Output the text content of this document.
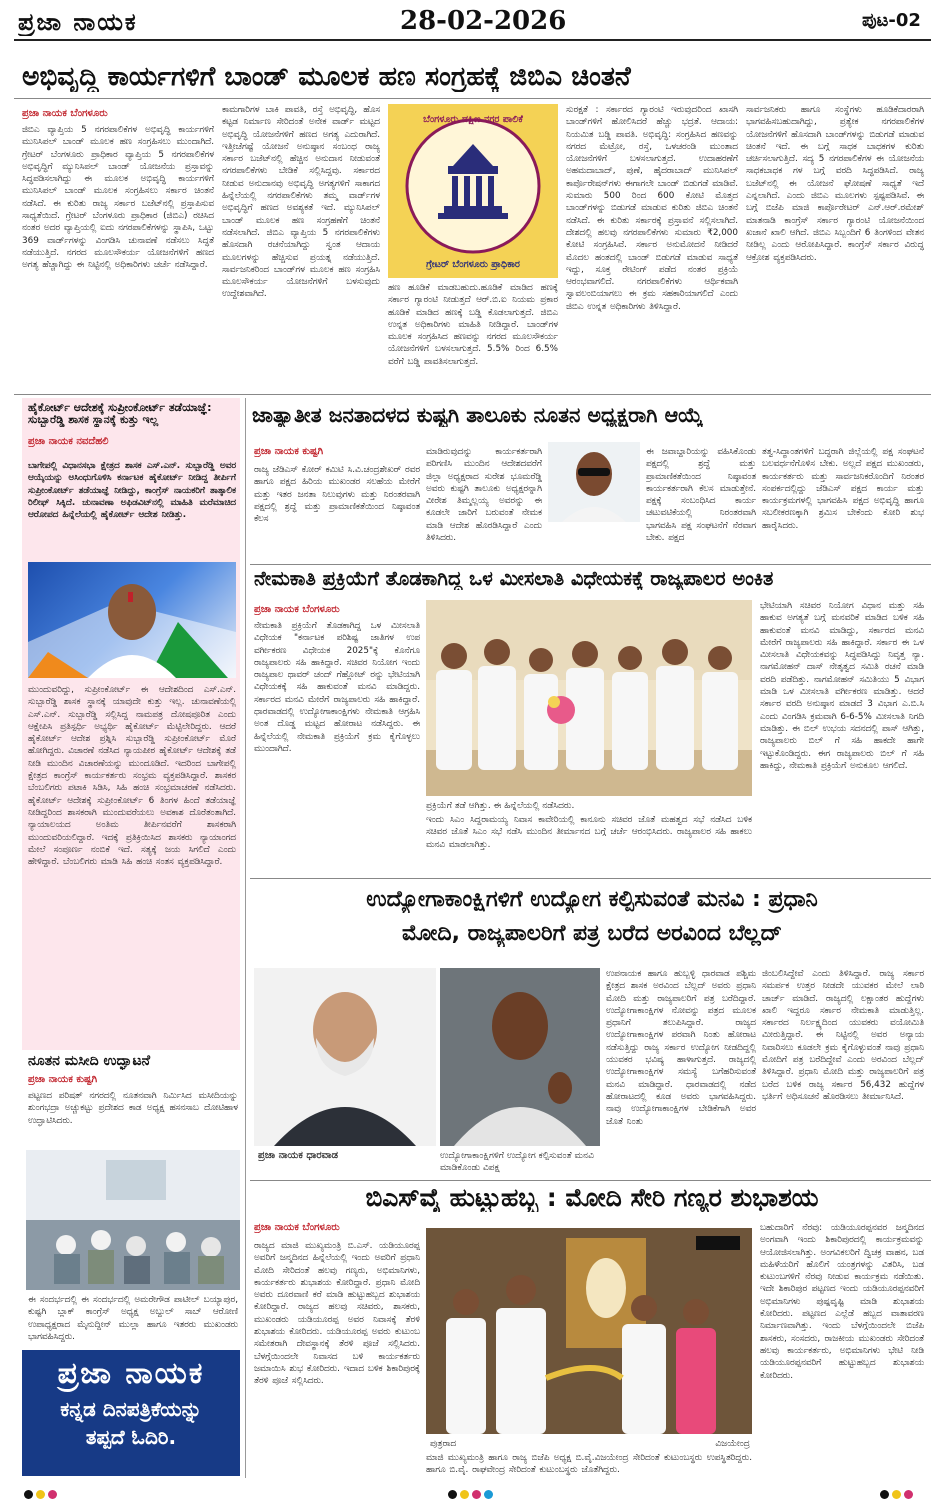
ಪ್ರಜಾ ನಾಯಕ	28-02-2026	ಪುಟ-02
ಅಭಿವೃದ್ಧಿ ಕಾರ್ಯಗಳಿಗೆ ಬಾಂಡ್ ಮೂಲಕ ಹಣ ಸಂಗ್ರಹಕ್ಕೆ ಜಿಬಿಎ ಚಿಂತನೆ
ಪ್ರಜಾ ನಾಯಕ ಬೆಂಗಳೂರು
ಜಿಬಿಎ ವ್ಯಾಪ್ತಿಯ 5 ನಗರಪಾಲಿಕೆಗಳ ಅಭಿವೃದ್ಧಿ ಕಾರ್ಯಗಳಿಗೆ ಮುನಿಸಿಪಲ್ ಬಾಂಡ್ ಮೂಲಕ ಹಣ ಸಂಗ್ರಹಿಸಲು ಮುಂದಾಗಿದೆ. ಗ್ರೇಟರ್ ಬೆಂಗಳೂರು ಪ್ರಾಧಿಕಾರ ವ್ಯಾಪ್ತಿಯ 5 ನಗರಪಾಲಿಕೆಗಳ ಅಭಿವೃದ್ಧಿಗೆ ಮ್ಯುನಿಸಿಪಲ್ ಬಾಂಡ್ ಯೋಜನೆಯ ಪ್ರಸ್ತಾವನ್ನು ಸಿದ್ಧಪಡಿಸಲಾಗಿದ್ದು ಈ ಮೂಲಕ ಅಭಿವೃದ್ಧಿ ಕಾರ್ಯಗಳಿಗೆ ಮುನಿಸಿಪಲ್ ಬಾಂಡ್ ಮೂಲಕ ಸಂಗ್ರಹಿಸಲು ಸರ್ಕಾರ ಚಿಂತನೆ ನಡೆಸಿದೆ. ಈ ಕುರಿತು ರಾಜ್ಯ ಸರ್ಕಾರ ಬಜೆಟ್‌ನಲ್ಲಿ ಪ್ರಸ್ತಾಪಿಸುವ ಸಾಧ್ಯತೆಯಿದೆ. ಗ್ರೇಟರ್ ಬೆಂಗಳೂರು ಪ್ರಾಧಿಕಾರ (ಜಿಬಿಎ) ರಚಿಸಿದ ನಂತರ ಅದರ ವ್ಯಾಪ್ತಿಯಲ್ಲಿ ಐದು ನಗರಪಾಲಿಕೆಗಳನ್ನು ಸ್ಥಾಪಿಸಿ, ಒಟ್ಟು 369 ವಾರ್ಡ್‌ಗಳನ್ನು ವಿಂಗಡಿಸಿ ಚುನಾವಣೆ ನಡೆಸಲು ಸಿದ್ಧತೆ ನಡೆಯುತ್ತಿದೆ. ನಗರದ ಮೂಲಸೌಕರ್ಯ ಯೋಜನೆಗಳಿಗೆ ಹಣದ ಅಗತ್ಯ ಹೆಚ್ಚಾಗಿದ್ದು ಈ ನಿಟ್ಟಿನಲ್ಲಿ ಅಧಿಕಾರಿಗಳು ಚರ್ಚೆ ನಡೆಸಿದ್ದಾರೆ.
ಕಾಮಗಾರಿಗಳ ಬಾಕಿ ಪಾವತಿ, ರಸ್ತೆ ಅಭಿವೃದ್ಧಿ, ಹೊಸ ಕಟ್ಟಡ ನಿರ್ಮಾಣ ಸೇರಿದಂತೆ ಅನೇಕ ವಾರ್ಡ್ ಮಟ್ಟದ ಅಭಿವೃದ್ಧಿ ಯೋಜನೆಗಳಿಗೆ ಹಣದ ಅಗತ್ಯ ಎದುರಾಗಿದೆ. ಇತ್ತೀಚೆಗಷ್ಟೆ ಯೋಜನೆ ಅನುಷ್ಠಾನ ಸಂಬಂಧ ರಾಜ್ಯ ಸರ್ಕಾರ ಬಜೆಟ್‌ನಲ್ಲಿ ಹೆಚ್ಚಿನ ಅನುದಾನ ನೀಡುವಂತೆ ನಗರಪಾಲಿಕೆಗಳು ಬೇಡಿಕೆ ಸಲ್ಲಿಸಿದ್ದವು. ಸರ್ಕಾರದ ನೀಡುವ ಅನುದಾನವು ಅಭಿವೃದ್ಧಿ ಅಗತ್ಯಗಳಿಗೆ ಸಾಕಾಗದ ಹಿನ್ನೆಲೆಯಲ್ಲಿ ನಗರಪಾಲಿಕೆಗಳು ತಮ್ಮ ವಾರ್ಡ್‌ಗಳ ಅಭಿವೃದ್ಧಿಗೆ ಹಣದ ಅವಶ್ಯಕತೆ ಇದೆ. ಮ್ಯುನಿಸಿಪಲ್ ಬಾಂಡ್ ಮೂಲಕ ಹಣ ಸಂಗ್ರಹಣೆಗೆ ಚಿಂತನೆ ನಡೆಸಲಾಗಿದೆ. ಜಿಬಿಎ ವ್ಯಾಪ್ತಿಯ 5 ನಗರಪಾಲಿಕೆಗಳು ಹೊಸದಾಗಿ ರಚನೆಯಾಗಿದ್ದು ಸ್ವಂತ ಆದಾಯ ಮೂಲಗಳನ್ನು ಹೆಚ್ಚಿಸುವ ಪ್ರಯತ್ನ ನಡೆಯುತ್ತಿದೆ. ಸಾರ್ವಜನಿಕರಿಂದ ಬಾಂಡ್‌ಗಳ ಮೂಲಕ ಹಣ ಸಂಗ್ರಹಿಸಿ ಮೂಲಸೌಕರ್ಯ ಯೋಜನೆಗಳಿಗೆ ಬಳಸುವುದು ಉದ್ದೇಶವಾಗಿದೆ.
ಬೆಂಗಳೂರು ದಕ್ಷಿಣ ನಗರ ಪಾಲಿಕೆ
ಗ್ರೇಟರ್ ಬೆಂಗಳೂರು ಪ್ರಾಧಿಕಾರ
ಹಣ ಹೂಡಿಕೆ ಮಾಡಬಹುದು.ಹೂಡಿಕೆ ಮಾಡಿದ ಹಣಕ್ಕೆ ಸರ್ಕಾರ ಗ್ಯಾರಂಟಿ ನೀಡುತ್ತದೆ ಆರ್.ಬಿ.ಐ ನಿಯಮ ಪ್ರಕಾರ ಹೂಡಿಕೆ ಮಾಡಿದ ಹಣಕ್ಕೆ ಬಡ್ಡಿ ಕೊಡಲಾಗುತ್ತದೆ. ಜಿಬಿಎ ಉನ್ನತ ಅಧಿಕಾರಿಗಳು ಮಾಹಿತಿ ನೀಡಿದ್ದಾರೆ. ಬಾಂಡ್‌ಗಳ ಮೂಲಕ ಸಂಗ್ರಹಿಸಿದ ಹಣವನ್ನು ನಗರದ ಮೂಲಸೌಕರ್ಯ ಯೋಜನೆಗಳಿಗೆ ಬಳಸಲಾಗುತ್ತದೆ. 5.5% ರಿಂದ 6.5% ವರೆಗೆ ಬಡ್ಡಿ ಪಾವತಿಸಲಾಗುತ್ತದೆ.
ಸುರಕ್ಷತೆ : ಸರ್ಕಾರದ ಗ್ಯಾರಂಟಿ ಇರುವುದರಿಂದ ಖಾಸಗಿ ಬಾಂಡ್‌ಗಳಿಗೆ ಹೋಲಿಸಿದರೆ ಹೆಚ್ಚು ಭದ್ರತೆ. ಆದಾಯ: ನಿಯಮಿತ ಬಡ್ಡಿ ಪಾವತಿ. ಅಭಿವೃದ್ಧಿ: ಸಂಗ್ರಹಿಸಿದ ಹಣವನ್ನು ನಗರದ ಮೆಟ್ರೋ, ರಸ್ತೆ, ಒಳಚರಂಡಿ ಮುಂತಾದ ಯೋಜನೆಗಳಿಗೆ ಬಳಸಲಾಗುತ್ತದೆ. ಉದಾಹರಣೆಗೆ ಅಹಮದಾಬಾದ್, ಪುಣೆ, ಹೈದರಾಬಾದ್ ಮುನಿಸಿಪಲ್ ಕಾರ್ಪೊರೇಷನ್‌ಗಳು ಈಗಾಗಲೇ ಬಾಂಡ್ ಬಿಡುಗಡೆ ಮಾಡಿವೆ. ಸುಮಾರು 500 ರಿಂದ 600 ಕೋಟಿ ಮೊತ್ತದ ಬಾಂಡ್‌ಗಳನ್ನು ಬಿಡುಗಡೆ ಮಾಡುವ ಕುರಿತು ಜಿಬಿಎ ಚಿಂತನೆ ನಡೆಸಿದೆ. ಈ ಕುರಿತು ಸರ್ಕಾರಕ್ಕೆ ಪ್ರಸ್ತಾವನೆ ಸಲ್ಲಿಸಲಾಗಿದೆ. ದೇಶದಲ್ಲಿ ಹಲವು ನಗರಪಾಲಿಕೆಗಳು ಸುಮಾರು ₹2,000 ಕೋಟಿ ಸಂಗ್ರಹಿಸಿವೆ. ಸರ್ಕಾರ ಅನುಮೋದನೆ ನೀಡಿದರೆ ಮೊದಲ ಹಂತದಲ್ಲಿ ಬಾಂಡ್ ಬಿಡುಗಡೆ ಮಾಡುವ ಸಾಧ್ಯತೆ ಇದ್ದು, ಸೂಕ್ತ ರೇಟಿಂಗ್ ಪಡೆದ ನಂತರ ಪ್ರಕ್ರಿಯೆ ಆರಂಭವಾಗಲಿದೆ. ನಗರಪಾಲಿಕೆಗಳು ಆರ್ಥಿಕವಾಗಿ ಸ್ವಾವಲಂಬಿಯಾಗಲು ಈ ಕ್ರಮ ಸಹಕಾರಿಯಾಗಲಿದೆ ಎಂದು ಜಿಬಿಎ ಉನ್ನತ ಅಧಿಕಾರಿಗಳು ತಿಳಿಸಿದ್ದಾರೆ.
ಸಾರ್ವಜನಿಕರು ಹಾಗೂ ಸಂಸ್ಥೆಗಳು ಹೂಡಿಕೆದಾರರಾಗಿ ಭಾಗವಹಿಸಬಹುದಾಗಿದ್ದು, ಪ್ರತ್ಯೇಕ ನಗರಪಾಲಿಕೆಗಳ ಯೋಜನೆಗಳಿಗೆ ಹೊಸದಾಗಿ ಬಾಂಡ್‌ಗಳನ್ನು ಬಿಡುಗಡೆ ಮಾಡುವ ಚಿಂತನೆ ಇದೆ. ಈ ಬಗ್ಗೆ ಸಾಧಕ ಬಾಧಕಗಳ ಕುರಿತು ಚರ್ಚಿಸಲಾಗುತ್ತಿದೆ. ಸದ್ಯ 5 ನಗರಪಾಲಿಕೆಗಳ ಈ ಯೋಜನೆಯ ಸಾಧಕಬಾಧಕ ಗಳ ಬಗ್ಗೆ ವರದಿ ಸಿದ್ಧಪಡಿಸಿದೆ. ರಾಜ್ಯ ಬಜೆಟ್‌ನಲ್ಲಿ ಈ ಯೋಜನೆ ಘೋಷಣೆ ಸಾಧ್ಯತೆ ಇದೆ ಎನ್ನಲಾಗಿದೆ. ಎಂದು ಜಿಬಿಎ ಮೂಲಗಳು ಸ್ಪಷ್ಟಪಡಿಸಿವೆ. ಈ ಬಗ್ಗೆ ಬಿಜೆಪಿ ಮಾಜಿ ಕಾರ್ಪೊರೇಟರ್ ಎನ್.ಆರ್.ರಮೇಶ್ ಮಾತನಾಡಿ ಕಾಂಗ್ರೆಸ್ ಸರ್ಕಾರ ಗ್ಯಾರಂಟಿ ಯೋಜನೆಯಿಂದ ಖಜಾನೆ ಖಾಲಿ ಆಗಿದೆ. ಜಿಬಿಎ ಸಿಬ್ಬಂದಿಗೆ 6 ತಿಂಗಳಿಂದ ವೇತನ ನೀಡಿಲ್ಲ ಎಂದು ಆರೋಪಿಸಿದ್ದಾರೆ. ಕಾಂಗ್ರೆಸ್ ಸರ್ಕಾರ ವಿರುದ್ಧ ಆಕ್ರೋಶ ವ್ಯಕ್ತಪಡಿಸಿದರು.
ಹೈಕೋರ್ಟ್ ಆದೇಶಕ್ಕೆ ಸುಪ್ರೀಂಕೋರ್ಟ್ ತಡೆಯಾಜ್ಞೆ: ಸುಬ್ಬಾರೆಡ್ಡಿ ಶಾಸಕ ಸ್ಥಾನಕ್ಕೆ ಕುತ್ತು ಇಲ್ಲ
ಪ್ರಜಾ ನಾಯಕ ನವದೆಹಲಿ
ಬಾಗೇಪಲ್ಲಿ ವಿಧಾನಸಭಾ ಕ್ಷೇತ್ರದ ಶಾಸಕ ಎಸ್.ಎನ್. ಸುಬ್ಬಾರೆಡ್ಡಿ ಅವರ ಆಯ್ಕೆಯನ್ನು ಅಸಿಂಧುಗೊಳಿಸಿ ಕರ್ನಾಟಕ ಹೈಕೋರ್ಟ್ ನೀಡಿದ್ದ ತೀರ್ಪಿಗೆ ಸುಪ್ರೀಂಕೋರ್ಟ್ ತಡೆಯಾಜ್ಞೆ ನೀಡಿದ್ದು, ಕಾಂಗ್ರೆಸ್ ನಾಯಕರಿಗೆ ತಾತ್ಕಾಲಿಕ ರಿಲೀಫ್ ಸಿಕ್ಕಿದೆ. ಚುನಾವಣಾ ಅಫಿಡವಿಟ್‌ನಲ್ಲಿ ಮಾಹಿತಿ ಮರೆಮಾಚಿದ ಆರೋಪದ ಹಿನ್ನೆಲೆಯಲ್ಲಿ ಹೈಕೋರ್ಟ್ ಆದೇಶ ನೀಡಿತ್ತು.
ಮುಂದುವರಿದ್ದು, ಸುಪ್ರೀಂಕೋರ್ಟ್ ಈ ಆದೇಶದಿಂದ ಎಸ್.ಎನ್. ಸುಬ್ಬಾರೆಡ್ಡಿ ಶಾಸಕ ಸ್ಥಾನಕ್ಕೆ ಯಾವುದೇ ಕುತ್ತು ಇಲ್ಲ. ಚುನಾವಣೆಯಲ್ಲಿ ಎಸ್.ಎನ್. ಸುಬ್ಬಾರೆಡ್ಡಿ ಸಲ್ಲಿಸಿದ್ದ ನಾಮಪತ್ರ ದೋಷಪೂರಿತ ಎಂದು ಆಕ್ಷೇಪಿಸಿ ಪ್ರತಿಸ್ಪರ್ಧಿ ಅಭ್ಯರ್ಥಿ ಹೈಕೋರ್ಟ್ ಮೆಟ್ಟಿಲೇರಿದ್ದರು. ಆದರೆ ಹೈಕೋರ್ಟ್ ಆದೇಶ ಪ್ರಶ್ನಿಸಿ ಸುಬ್ಬಾರೆಡ್ಡಿ ಸುಪ್ರೀಂಕೋರ್ಟ್ ಮೊರೆ ಹೋಗಿದ್ದರು. ವಿಚಾರಣೆ ನಡೆಸಿದ ನ್ಯಾಯಪೀಠ ಹೈಕೋರ್ಟ್ ಆದೇಶಕ್ಕೆ ತಡೆ ನೀಡಿ ಮುಂದಿನ ವಿಚಾರಣೆಯನ್ನು ಮುಂದೂಡಿದೆ. ಇದರಿಂದ ಬಾಗೇಪಲ್ಲಿ ಕ್ಷೇತ್ರದ ಕಾಂಗ್ರೆಸ್ ಕಾರ್ಯಕರ್ತರು ಸಂಭ್ರಮ ವ್ಯಕ್ತಪಡಿಸಿದ್ದಾರೆ. ಶಾಸಕರ ಬೆಂಬಲಿಗರು ಪಟಾಕಿ ಸಿಡಿಸಿ, ಸಿಹಿ ಹಂಚಿ ಸಂಭ್ರಮಾಚರಣೆ ನಡೆಸಿದರು. ಹೈಕೋರ್ಟ್ ಆದೇಶಕ್ಕೆ ಸುಪ್ರೀಂಕೋರ್ಟ್ 6 ತಿಂಗಳ ಹಿಂದೆ ತಡೆಯಾಜ್ಞೆ ನೀಡಿದ್ದರಿಂದ ಶಾಸಕರಾಗಿ ಮುಂದುವರೆಯಲು ಅವಕಾಶ ದೊರೆತಂತಾಗಿದೆ. ನ್ಯಾಯಾಲಯದ ಅಂತಿಮ ತೀರ್ಪಿನವರೆಗೆ ಶಾಸಕರಾಗಿ ಮುಂದುವರಿಯಲಿದ್ದಾರೆ. ಇದಕ್ಕೆ ಪ್ರತಿಕ್ರಿಯಿಸಿದ ಶಾಸಕರು ನ್ಯಾಯಾಂಗದ ಮೇಲೆ ಸಂಪೂರ್ಣ ನಂಬಿಕೆ ಇದೆ. ಸತ್ಯಕ್ಕೆ ಜಯ ಸಿಗಲಿದೆ ಎಂದು ಹೇಳಿದ್ದಾರೆ. ಬೆಂಬಲಿಗರು ಮಾಡಿ ಸಿಹಿ ಹಂಚಿ ಸಂತಸ ವ್ಯಕ್ತಪಡಿಸಿದ್ದಾರೆ.
ನೂತನ ಮಸೀದಿ ಉದ್ಘಾಟನೆ
ಪ್ರಜಾ ನಾಯಕ ಕುಷ್ಟಗಿ
ಪಟ್ಟಣದ ಪರಿಷತ್ ನಗರದಲ್ಲಿ ನೂತನವಾಗಿ ನಿರ್ಮಿಸಿದ ಮಸೀದಿಯನ್ನು ಶುಂಗಭದ್ರಾ ಅಚ್ಚುಕಟ್ಟು ಪ್ರದೇಶದ ಕಾಡ ಅಧ್ಯಕ್ಷ ಹಸನಸಾಬ ದೋಟಿಹಾಳ ಉದ್ಘಾಟಿಸಿದರು.
ಈ ಸಂದರ್ಭದಲ್ಲಿ ಈ ಸಂದರ್ಭದಲ್ಲಿ ಅಮರೇಗೌಡ ಪಾಟೀಲ್ ಬಯ್ಯಾಪುರ, ಕುಷ್ಟಗಿ ಬ್ಲಾಕ್ ಕಾಂಗ್ರೆಸ್ ಅಧ್ಯಕ್ಷ ಅಬ್ದುಲ್ ಸಾಬ್ ಆರೋಣಿ ಉಪಾಧ್ಯಕ್ಷರಾದ ಮೈನುದ್ದೀನ್ ಮುಲ್ಲಾ ಹಾಗೂ ಇತರರು ಮುಖಂಡರು ಭಾಗವಹಿಸಿದ್ದರು.
ಪ್ರಜಾ ನಾಯಕ
ಕನ್ನಡ ದಿನಪತ್ರಿಕೆಯನ್ನು
ತಪ್ಪದೆ ಓದಿರಿ.
ಜಾತ್ಯಾತೀತ ಜನತಾದಳದ ಕುಷ್ಟಗಿ ತಾಲೂಕು ನೂತನ ಅಧ್ಯಕ್ಷರಾಗಿ ಆಯ್ಕೆ
ಪ್ರಜಾ ನಾಯಕ ಕುಷ್ಟಗಿ
ರಾಜ್ಯ ಜೆಡಿಎಸ್ ಕೋರ್ ಕಮಿಟಿ ಸಿ.ವಿ.ಚಂದ್ರಶೇಖರ್ ರವರ ಹಾಗೂ ಪಕ್ಷದ ಹಿರಿಯ ಮುಖಂಡರ ಸಲಹೆಯ ಮೇರೆಗೆ ಮತ್ತು ಇತರ ಜನತಾ ನಿಲುವುಗಳು ಮತ್ತು ನಿರಂತರವಾಗಿ ಪಕ್ಷದಲ್ಲಿ ಶ್ರದ್ಧೆ ಮತ್ತು ಪ್ರಾಮಾಣಿಕತೆಯಿಂದ ನಿಷ್ಠಾವಂತ ಕೆಲಸ
ಮಾಡಿರುವುದನ್ನು ಕಾರ್ಯಕರ್ತರಾಗಿ ಪರಿಗಣಿಸಿ ಮುಂದಿನ ಆದೇಶದವರೆಗೆ ಜಿಲ್ಲಾ ಅಧ್ಯಕ್ಷರಾದ ಸುರೇಶ ಭೂಮರೆಡ್ಡಿ ಅವರು ಕುಷ್ಟಗಿ ತಾಲೂಕು ಅಧ್ಯಕ್ಷರನ್ನಾಗಿ ವೀರೇಶ ತಿಮ್ಮಲ್ಲಯ್ಯ ಅವರನ್ನು ಈ ಕೂಡಲೇ ಜಾರಿಗೆ ಬರುವಂತೆ ನೇಮಕ ಮಾಡಿ ಆದೇಶ ಹೊರಡಿಸಿದ್ದಾರೆ ಎಂದು ತಿಳಿಸಿದರು.
ಈ ಜವಾಬ್ದಾರಿಯನ್ನು ವಹಿಸಿಕೊಂಡು ಪಕ್ಷದಲ್ಲಿ ಶ್ರದ್ಧೆ ಮತ್ತು ಪ್ರಾಮಾಣಿಕತೆಯಿಂದ ನಿಷ್ಠಾವಂತ ಕಾರ್ಯಕರ್ತರಾಗಿ ಕೆಲಸ ಮಾಡುತ್ತೇನೆ. ಪಕ್ಷಕ್ಕೆ ಸಂಬಂಧಿಸಿದ ಕಾರ್ಯ ಚಟುವಟಿಕೆಯಲ್ಲಿ ನಿರಂತರವಾಗಿ ಭಾಗವಹಿಸಿ ಪಕ್ಷ ಸಂಘಟನೆಗೆ ನೆರವಾಗ ಬೇಕು. ಪಕ್ಷದ
ತತ್ವ-ಸಿದ್ಧಾಂತಗಳಿಗೆ ಬದ್ಧರಾಗಿ ಜಿಲ್ಲೆಯಲ್ಲಿ ಪಕ್ಷ ಸಂಘಟನೆ ಬಲವರ್ಧನೆಗೊಳಿಸ ಬೇಕು. ಅಲ್ಲದೆ ಪಕ್ಷದ ಮುಖಂಡರು, ಕಾರ್ಯಕರ್ತರು ಮತ್ತು ಸಾರ್ವಜನಿಕರೊಂದಿಗೆ ನಿರಂತರ ಸಂಪರ್ಕದಲ್ಲಿದ್ದು ಜೆಡಿಎಸ್ ಪಕ್ಷದ ಕಾರ್ಯ ಮತ್ತು ಕಾರ್ಯಕ್ರಮಗಳಲ್ಲಿ ಭಾಗವಹಿಸಿ ಪಕ್ಷದ ಅಭಿವೃದ್ಧಿ ಹಾಗೂ ಸಬಲೀಕರಣಕ್ಕಾಗಿ ಶ್ರಮಿಸ ಬೇಕೆಂದು ಕೋರಿ ಶುಭ ಹಾರೈಸಿದರು.
ನೇಮಕಾತಿ ಪ್ರಕ್ರಿಯೆಗೆ ತೊಡಕಾಗಿದ್ದ ಒಳ ಮೀಸಲಾತಿ ವಿಧೇಯಕಕ್ಕೆ ರಾಜ್ಯಪಾಲರ ಅಂಕಿತ
ಪ್ರಜಾ ನಾಯಕ ಬೆಂಗಳೂರು
ನೇಮಕಾತಿ ಪ್ರಕ್ರಿಯೆಗೆ ತೊಡಕಾಗಿದ್ದ ಒಳ ಮೀಸಲಾತಿ ವಿಧೇಯಕ "ಕರ್ನಾಟಕ ಪರಿಶಿಷ್ಟ ಜಾತಿಗಳ ಉಪ ವರ್ಗೀಕರಣ ವಿಧೇಯಕ 2025"ಕ್ಕೆ ಕೊನೆಗೂ ರಾಜ್ಯಪಾಲರು ಸಹಿ ಹಾಕಿದ್ದಾರೆ. ಸಚಿವರ ನಿಯೋಗ ಇಂದು ರಾಜ್ಯಪಾಲ ಥಾವರ್ ಚಂದ್ ಗೆಹ್ಲೋಟ್ ರನ್ನು ಭೇಟಿಯಾಗಿ ವಿಧೇಯಕಕ್ಕೆ ಸಹಿ ಹಾಕುವಂತೆ ಮನವಿ ಮಾಡಿದ್ದರು. ಸರ್ಕಾರದ ಮನವಿ ಮೇರೆಗೆ ರಾಜ್ಯಪಾಲರು ಸಹಿ ಹಾಕಿದ್ದಾರೆ. ಧಾರವಾಡದಲ್ಲಿ ಉದ್ಯೋಗಾಕಾಂಕ್ಷಿಗಳು ನೇಮಕಾತಿ ಆಗ್ರಹಿಸಿ ಅಂತ ದೊಡ್ಡ ಮಟ್ಟದ ಹೋರಾಟ ನಡೆಸಿದ್ದರು. ಈ ಹಿನ್ನೆಲೆಯಲ್ಲಿ ನೇಮಕಾತಿ ಪ್ರಕ್ರಿಯೆಗೆ ಕ್ರಮ ಕೈಗೊಳ್ಳಲು ಮುಂದಾಗಿದೆ.
ಪ್ರಕ್ರಿಯೆಗೆ ತಡೆ ಆಗಿತ್ತು. ಈ ಹಿನ್ನೆಲೆಯಲ್ಲಿ ನಡೆಸಿದರು.
ಇಂದು ಸಿಎಂ ಸಿದ್ದರಾಮಯ್ಯ ನಿವಾಸ ಕಾವೇರಿಯಲ್ಲಿ ಕಾನೂನು ಸಚಿವರ ಜೊತೆ ಮಹತ್ವದ ಸಭೆ ನಡೆಸಿದ ಬಳಿಕ ಸಚಿವರ ಜೊತೆ ಸಿಎಂ ಸಭೆ ನಡೆಸಿ ಮುಂದಿನ ತೀರ್ಮಾನದ ಬಗ್ಗೆ ಚರ್ಚೆ ಆರಂಭಿಸಿದರು. ರಾಜ್ಯಪಾಲರ ಸಹಿ ಹಾಕಲು ಮನವಿ ಮಾಡಲಾಗಿತ್ತು.
ಭೇಟಿಯಾಗಿ ಸಚಿವರ ನಿಯೋಗ ವಿಧಾನ ಮತ್ತು ಸಹಿ ಹಾಕುವ ಅಗತ್ಯತೆ ಬಗ್ಗೆ ಮನವರಿಕೆ ಮಾಡಿದ ಬಳಿಕ ಸಹಿ ಹಾಕುವಂತೆ ಮನವಿ ಮಾಡಿದ್ದು, ಸರ್ಕಾರದ ಮನವಿ ಮೇರೆಗೆ ರಾಜ್ಯಪಾಲರು ಸಹಿ ಹಾಕಿದ್ದಾರೆ. ಸರ್ಕಾರ ಈ ಒಳ ಮೀಸಲಾತಿ ವಿಧೇಯಕವನ್ನು ಸಿದ್ಧಪಡಿಸಿದ್ದು ನಿವೃತ್ತ ನ್ಯಾ. ನಾಗಮೋಹನ್ ದಾಸ್ ನೇತೃತ್ವದ ಸಮಿತಿ ರಚನೆ ಮಾಡಿ ವರದಿ ಪಡೆದಿತ್ತು. ನಾಗಮೋಹನ್ ಸಮಿತಿಯು 5 ವಿಭಾಗ ಮಾಡಿ ಒಳ ಮೀಸಲಾತಿ ವರ್ಗೀಕರಣ ಮಾಡಿತ್ತು. ಆದರೆ ಸರ್ಕಾರ ವರದಿ ಅನುಷ್ಠಾನ ಮಾಡದೆ 3 ವಿಭಾಗ ಎ.ಬಿ.ಸಿ ಎಂದು ವಿಂಗಡಿಸಿ ಕ್ರಮವಾಗಿ 6-6-5% ಮೀಸಲಾತಿ ನಿಗದಿ ಮಾಡಿತ್ತು. ಈ ಬಿಲ್ ಉಭಯ ಸದನದಲ್ಲಿ ಪಾಸ್ ಆಗಿತ್ತು, ರಾಜ್ಯಪಾಲರು ಬಿಲ್ ಗೆ ಸಹಿ ಹಾಕದೇ ಹಾಗೇ ಇಟ್ಟುಕೊಂಡಿದ್ದರು. ಈಗ ರಾಜ್ಯಪಾಲರು ಬಿಲ್ ಗೆ ಸಹಿ ಹಾಕಿದ್ದು, ನೇಮಕಾತಿ ಪ್ರಕ್ರಿಯೆಗೆ ಅನುಕೂಲ ಆಗಲಿದೆ.
ಉದ್ಯೋಗಾಕಾಂಕ್ಷಿಗಳಿಗೆ ಉದ್ಯೋಗ ಕಲ್ಪಿಸುವಂತೆ ಮನವಿ : ಪ್ರಧಾನಿ
ಮೋದಿ, ರಾಜ್ಯಪಾಲರಿಗೆ ಪತ್ರ ಬರೆದ ಅರವಿಂದ ಬೆಲ್ಲದ್
ಪ್ರಜಾ ನಾಯಕ ಧಾರವಾಡ	ಉದ್ಯೋಗಾಕಾಂಕ್ಷಿಗಳಿಗೆ ಉದ್ಯೋಗ ಕಲ್ಪಿಸುವಂತೆ ಮನವಿ ಮಾಡಿಕೊಂಡು ವಿಪಕ್ಷ
ಉಪನಾಯಕ ಹಾಗೂ ಹುಬ್ಬಳ್ಳಿ ಧಾರವಾಡ ಪಶ್ಚಿಮ ಕ್ಷೇತ್ರದ ಶಾಸಕ ಅರವಿಂದ ಬೆಲ್ಲದ್ ಅವರು ಪ್ರಧಾನಿ ಮೋದಿ ಮತ್ತು ರಾಜ್ಯಪಾಲರಿಗೆ ಪತ್ರ ಬರೆದಿದ್ದಾರೆ. ಉದ್ಯೋಗಾಕಾಂಕ್ಷಿಗಳ ನೋವನ್ನು ಪತ್ರದ ಮೂಲಕ ಪ್ರಧಾನಿಗೆ ತಲುಪಿಸಿದ್ದಾರೆ. ರಾಜ್ಯದ ಉದ್ಯೋಗಾಕಾಂಕ್ಷಿಗಳ ಪರವಾಗಿ ನಿಂತು ಹೋರಾಟ ನಡೆಸುತ್ತಿದ್ದು ರಾಜ್ಯ ಸರ್ಕಾರ ಉದ್ಯೋಗ ನೀಡದಿದ್ದಲ್ಲಿ ಯುವಕರ ಭವಿಷ್ಯ ಹಾಳಾಗುತ್ತದೆ. ರಾಜ್ಯದಲ್ಲಿ ಉದ್ಯೋಗಾಕಾಂಕ್ಷಿಗಳ ಸಮಸ್ಯೆ ಬಗೆಹರಿಸುವಂತೆ ಮನವಿ ಮಾಡಿದ್ದಾರೆ. ಧಾರವಾಡದಲ್ಲಿ ನಡೆದ ಹೋರಾಟದಲ್ಲಿ ಕೂಡ ಅವರು ಭಾಗವಹಿಸಿದ್ದರು. ನಾವು ಉದ್ಯೋಗಾಕಾಂಕ್ಷಿಗಳ ಬೇಡಿಕೆಗಾಗಿ ಅವರ ಜೊತೆ ನಿಂತು
ಜಿಂಬಲಿಸಿದ್ದೇವೆ ಎಂದು ತಿಳಿಸಿದ್ದಾರೆ. ರಾಜ್ಯ ಸರ್ಕಾರ ಸಮರ್ಪಕ ಉತ್ತರ ನೀಡದೇ ಯುವಕರ ಮೇಲೆ ಲಾಠಿ ಚಾರ್ಜ್ ಮಾಡಿದೆ. ರಾಜ್ಯದಲ್ಲಿ ಲಕ್ಷಾಂತರ ಹುದ್ದೆಗಳು ಖಾಲಿ ಇದ್ದರೂ ಸರ್ಕಾರ ನೇಮಕಾತಿ ಮಾಡುತ್ತಿಲ್ಲ. ಸರ್ಕಾರದ ನಿರ್ಲಕ್ಷ್ಯದಿಂದ ಯುವಕರು ವಯೋಮಿತಿ ಮೀರುತ್ತಿದ್ದಾರೆ. ಈ ನಿಟ್ಟಿನಲ್ಲಿ ಅವರ ಅನ್ಯಾಯ ನಿವಾರಿಸಲು ಕೂಡಲೇ ಕ್ರಮ ಕೈಗೊಳ್ಳುವಂತೆ ನಾವು ಪ್ರಧಾನಿ ಮೋದಿಗೆ ಪತ್ರ ಬರೆದಿದ್ದೇವೆ ಎಂದು ಅರವಿಂದ ಬೆಲ್ಲದ್ ತಿಳಿಸಿದ್ದಾರೆ. ಪ್ರಧಾನಿ ಮೋದಿ ಮತ್ತು ರಾಜ್ಯಪಾಲರಿಗೆ ಪತ್ರ ಬರೆದ ಬಳಿಕ ರಾಜ್ಯ ಸರ್ಕಾರ 56,432 ಹುದ್ದೆಗಳ ಭರ್ತಿಗೆ ಅಧಿಸೂಚನೆ ಹೊರಡಿಸಲು ತೀರ್ಮಾನಿಸಿದೆ.
ಬಿಎಸ್‌ವೈ ಹುಟ್ಟುಹಬ್ಬ : ಮೋದಿ ಸೇರಿ ಗಣ್ಯರ ಶುಭಾಶಯ
ಪ್ರಜಾ ನಾಯಕ ಬೆಂಗಳೂರು
ರಾಜ್ಯದ ಮಾಜಿ ಮುಖ್ಯಮಂತ್ರಿ ಬಿ.ಎಸ್. ಯಡಿಯೂರಪ್ಪ ಅವರಿಗೆ ಜನ್ಮದಿನದ ಹಿನ್ನೆಲೆಯಲ್ಲಿ ಇಂದು ಅವರಿಗೆ ಪ್ರಧಾನಿ ಮೋದಿ ಸೇರಿದಂತೆ ಹಲವು ಗಣ್ಯರು, ಅಭಿಮಾನಿಗಳು, ಕಾರ್ಯಕರ್ತರು ಶುಭಾಶಯ ಕೋರಿದ್ದಾರೆ. ಪ್ರಧಾನಿ ಮೋದಿ ಅವರು ದೂರವಾಣಿ ಕರೆ ಮಾಡಿ ಹುಟ್ಟುಹಬ್ಬದ ಶುಭಾಶಯ ಕೋರಿದ್ದಾರೆ. ರಾಜ್ಯದ ಹಲವು ಸಚಿವರು, ಶಾಸಕರು, ಮುಖಂಡರು ಯಡಿಯೂರಪ್ಪ ಅವರ ನಿವಾಸಕ್ಕೆ ತೆರಳಿ ಶುಭಾಶಯ ಕೋರಿದರು. ಯಡಿಯೂರಪ್ಪ ಅವರು ಕುಟುಂಬ ಸಮೇತರಾಗಿ ದೇವಸ್ಥಾನಕ್ಕೆ ತೆರಳಿ ಪೂಜೆ ಸಲ್ಲಿಸಿದರು. ಬೆಳಗ್ಗೆಯಿಂದಲೇ ನಿವಾಸದ ಬಳಿ ಕಾರ್ಯಕರ್ತರು ಜಮಾಯಿಸಿ ಶುಭ ಕೋರಿದರು. ಇದಾದ ಬಳಿಕ ಶಿಕಾರಿಪುರಕ್ಕೆ ತೆರಳಿ ಪೂಜೆ ಸಲ್ಲಿಸಿದರು.
ಪುತ್ರರಾದ	ವಿಜಯೇಂದ್ರ
ಮಾಜಿ ಮುಖ್ಯಮಂತ್ರಿ ಹಾಗೂ ರಾಜ್ಯ ಬಿಜೆಪಿ ಅಧ್ಯಕ್ಷ ಬಿ.ವೈ.ವಿಜಯೇಂದ್ರ ಸೇರಿದಂತೆ ಕುಟುಂಬಸ್ಥರು ಉಪಸ್ಥಿತರಿದ್ದರು. ಹಾಗೂ ಬಿ.ವೈ. ರಾಘವೇಂದ್ರ ಸೇರಿದಂತೆ ಕುಟುಂಬಸ್ಥರು ಜೊತೆಗಿದ್ದರು.
ಬಹುದಾರಿಗೆ ನೆರವು: ಯಡಿಯೂರಪ್ಪನವರ ಜನ್ಮದಿನದ ಅಂಗವಾಗಿ ಇಂದು ಶಿಕಾರಿಪುರದಲ್ಲಿ ಕಾರ್ಯಕ್ರಮವನ್ನು ಆಯೋಜಿಸಲಾಗಿತ್ತು. ಅಂಗವಿಕಲರಿಗೆ ದ್ವಿಚಕ್ರ ವಾಹನ, ಬಡ ಮಹಿಳೆಯರಿಗೆ ಹೊಲಿಗೆ ಯಂತ್ರಗಳನ್ನು ವಿತರಿಸಿ, ಬಡ ಕುಟುಂಬಗಳಿಗೆ ನೆರವು ನೀಡುವ ಕಾರ್ಯಕ್ರಮ ನಡೆಯಿತು. ಇದೇ ಶಿಕಾರಿಪುರ ಪಟ್ಟಣದ ಇಂದು ಯಡಿಯೂರಪ್ಪನವರಿಗೆ ಅಭಿಮಾನಿಗಳು ಪುಷ್ಪವೃಷ್ಟಿ ಮಾಡಿ ಶುಭಾಶಯ ಕೋರಿದರು. ಪಟ್ಟಣದ ಎಲ್ಲೆಡೆ ಹಬ್ಬದ ವಾತಾವರಣ ನಿರ್ಮಾಣವಾಗಿತ್ತು. ಇಂದು ಬೆಳಗ್ಗೆಯಿಂದಲೇ ಬಿಜೆಪಿ ಶಾಸಕರು, ಸಂಸದರು, ರಾಜಕೀಯ ಮುಖಂಡರು ಸೇರಿದಂತೆ ಹಲವು ಕಾರ್ಯಕರ್ತರು, ಅಭಿಮಾನಿಗಳು ಭೇಟಿ ನೀಡಿ ಯಡಿಯೂರಪ್ಪನವರಿಗೆ ಹುಟ್ಟುಹಬ್ಬದ ಶುಭಾಶಯ ಕೋರಿದರು.
